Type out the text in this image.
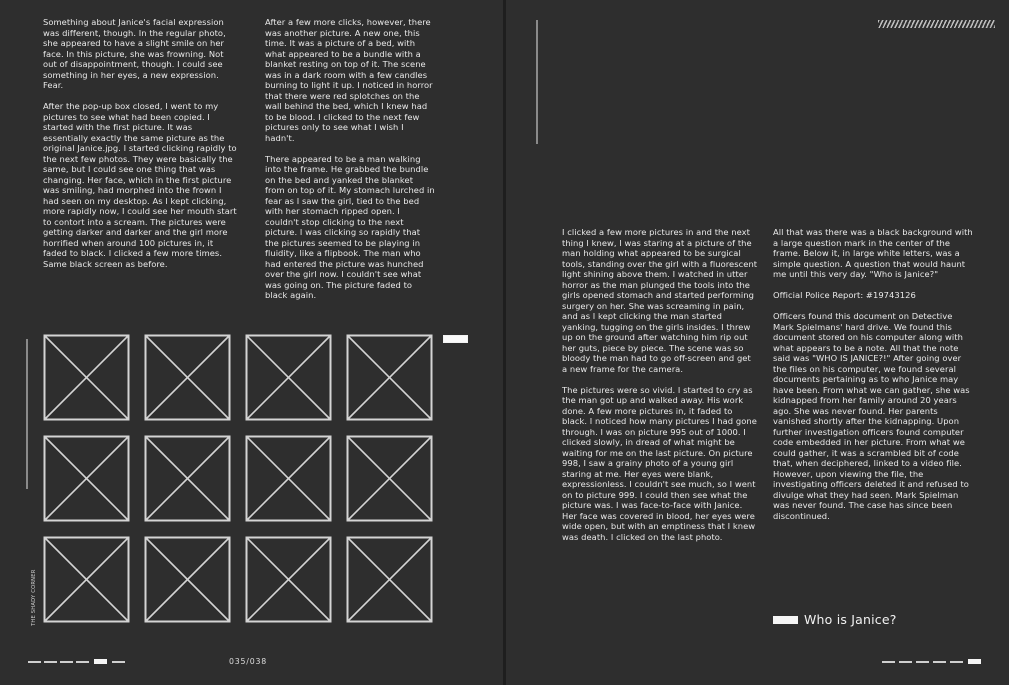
Something about Janice's facial expression was different, though. In the regular photo, she appeared to have a slight smile on her face. In this picture, she was frowning. Not out of disappointment, though. I could see something in her eyes, a new expression. Fear.

After the pop-up box closed, I went to my pictures to see what had been copied. I started with the first picture. It was essentially exactly the same picture as the original Janice.jpg. I started clicking rapidly to the next few photos. They were basically the same, but I could see one thing that was changing. Her face, which in the first picture was smiling, had morphed into the frown I had seen on my desktop. As I kept clicking, more rapidly now, I could see her mouth start to contort into a scream. The pictures were getting darker and darker and the girl more horrified when around 100 pictures in, it faded to black. I clicked a few more times. Same black screen as before.

After a few more clicks, however, there was another picture. A new one, this time. It was a picture of a bed, with what appeared to be a bundle with a blanket resting on top of it. The scene was in a dark room with a few candles burning to light it up. I noticed in horror that there were red splotches on the wall behind the bed, which I knew had to be blood. I clicked to the next few pictures only to see what I wish I hadn't.

There appeared to be a man walking into the frame. He grabbed the bundle on the bed and yanked the blanket from on top of it. My stomach lurched in fear as I saw the girl, tied to the bed with her stomach ripped open. I couldn't stop clicking to the next picture. I was clicking so rapidly that the pictures seemed to be playing in fluidity, like a flipbook. The man who had entered the picture was hunched over the girl now. I couldn't see what was going on. The picture faded to black again.

THE SHADY CORNER
035/038

I clicked a few more pictures in and the next thing I knew, I was staring at a picture of the man holding what appeared to be surgical tools, standing over the girl with a fluorescent light shining above them. I watched in utter horror as the man plunged the tools into the girls opened stomach and started performing surgery on her. She was screaming in pain, and as I kept clicking the man started yanking, tugging on the girls insides. I threw up on the ground after watching him rip out her guts, piece by piece. The scene was so bloody the man had to go off-screen and get a new frame for the camera.

The pictures were so vivid. I started to cry as the man got up and walked away. His work done. A few more pictures in, it faded to black. I noticed how many pictures I had gone through. I was on picture 995 out of 1000. I clicked slowly, in dread of what might be waiting for me on the last picture. On picture 998, I saw a grainy photo of a young girl staring at me. Her eyes were blank, expressionless. I couldn't see much, so I went on to picture 999. I could then see what the picture was. I was face-to-face with Janice. Her face was covered in blood, her eyes were wide open, but with an emptiness that I knew was death. I clicked on the last photo.

All that was there was a black background with a large question mark in the center of the frame. Below it, in large white letters, was a simple question. A question that would haunt me until this very day. "Who is Janice?"

Official Police Report: #19743126

Officers found this document on Detective Mark Spielmans' hard drive. We found this document stored on his computer along with what appears to be a note. All that the note said was "WHO IS JANICE?!" After going over the files on his computer, we found several documents pertaining as to who Janice may have been. From what we can gather, she was kidnapped from her family around 20 years ago. She was never found. Her parents vanished shortly after the kidnapping. Upon further investigation officers found computer code embedded in her picture. From what we could gather, it was a scrambled bit of code that, when deciphered, linked to a video file. However, upon viewing the file, the investigating officers deleted it and refused to divulge what they had seen. Mark Spielman was never found. The case has since been discontinued.

Who is Janice?
